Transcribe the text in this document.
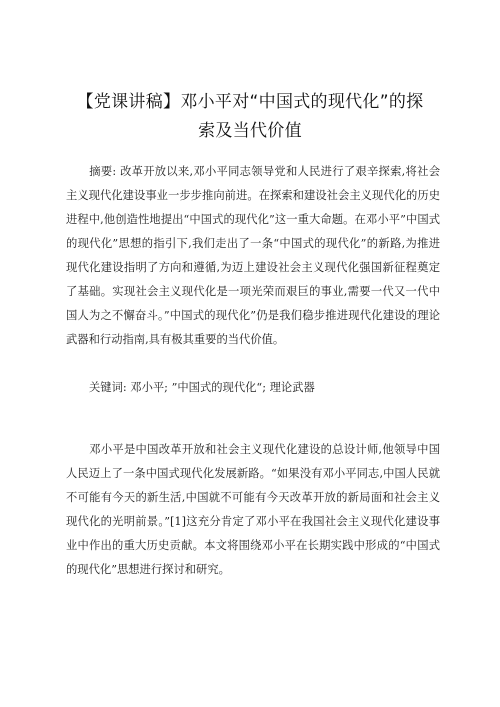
【党课讲稿】邓小平对“中国式的现代化”的探
索及当代价值
摘要: 改革开放以来,邓小平同志领导党和人民进行了艰辛探索,将社会主义现代化建设事业一步步推向前进。在探索和建设社会主义现代化的历史进程中,他创造性地提出“中国式的现代化”这一重大命题。在邓小平”中国式的现代化”思想的指引下,我们走出了一条“中国式的现代化”的新路,为推进现代化建设指明了方向和遵循,为迈上建设社会主义现代化强国新征程奠定了基础。实现社会主义现代化是一项光荣而艰巨的事业,需要一代又一代中国人为之不懈奋斗。”中国式的现代化”仍是我们稳步推进现代化建设的理论武器和行动指南,具有极其重要的当代价值。
关键词: 邓小平; ”中国式的现代化“; 理论武器
邓小平是中国改革开放和社会主义现代化建设的总设计师,他领导中国人民迈上了一条中国式现代化发展新路。“如果没有邓小平同志,中国人民就不可能有今天的新生活,中国就不可能有今天改革开放的新局面和社会主义现代化的光明前景。”[1]这充分肯定了邓小平在我国社会主义现代化建设事业中作出的重大历史贡献。本文将围绕邓小平在长期实践中形成的“中国式的现代化”思想进行探讨和研究。
